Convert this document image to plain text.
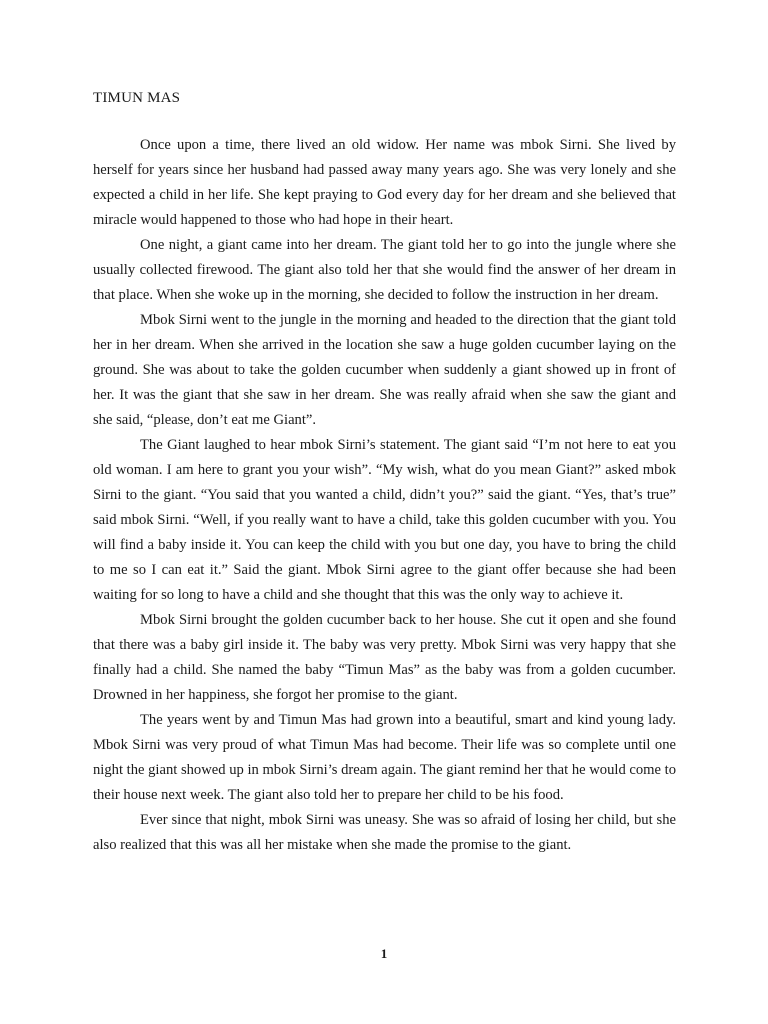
TIMUN MAS

Once upon a time, there lived an old widow. Her name was mbok Sirni. She lived by herself for years since her husband had passed away many years ago. She was very lonely and she expected a child in her life. She kept praying to God every day for her dream and she believed that miracle would happened to those who had hope in their heart.

One night, a giant came into her dream. The giant told her to go into the jungle where she usually collected firewood. The giant also told her that she would find the answer of her dream in that place. When she woke up in the morning, she decided to follow the instruction in her dream.

Mbok Sirni went to the jungle in the morning and headed to the direction that the giant told her in her dream. When she arrived in the location she saw a huge golden cucumber laying on the ground. She was about to take the golden cucumber when suddenly a giant showed up in front of her. It was the giant that she saw in her dream. She was really afraid when she saw the giant and she said, “please, don’t eat me Giant”.

The Giant laughed to hear mbok Sirni’s statement. The giant said “I’m not here to eat you old woman. I am here to grant you your wish”. “My wish, what do you mean Giant?” asked mbok Sirni to the giant. “You said that you wanted a child, didn’t you?” said the giant. “Yes, that’s true” said mbok Sirni. “Well, if you really want to have a child, take this golden cucumber with you. You will find a baby inside it. You can keep the child with you but one day, you have to bring the child to me so I can eat it.” Said the giant. Mbok Sirni agree to the giant offer because she had been waiting for so long to have a child and she thought that this was the only way to achieve it.

Mbok Sirni brought the golden cucumber back to her house. She cut it open and she found that there was a baby girl inside it. The baby was very pretty. Mbok Sirni was very happy that she finally had a child. She named the baby “Timun Mas” as the baby was from a golden cucumber. Drowned in her happiness, she forgot her promise to the giant.

The years went by and Timun Mas had grown into a beautiful, smart and kind young lady. Mbok Sirni was very proud of what Timun Mas had become. Their life was so complete until one night the giant showed up in mbok Sirni’s dream again. The giant remind her that he would come to their house next week. The giant also told her to prepare her child to be his food.

Ever since that night, mbok Sirni was uneasy. She was so afraid of losing her child, but she also realized that this was all her mistake when she made the promise to the giant.

1
